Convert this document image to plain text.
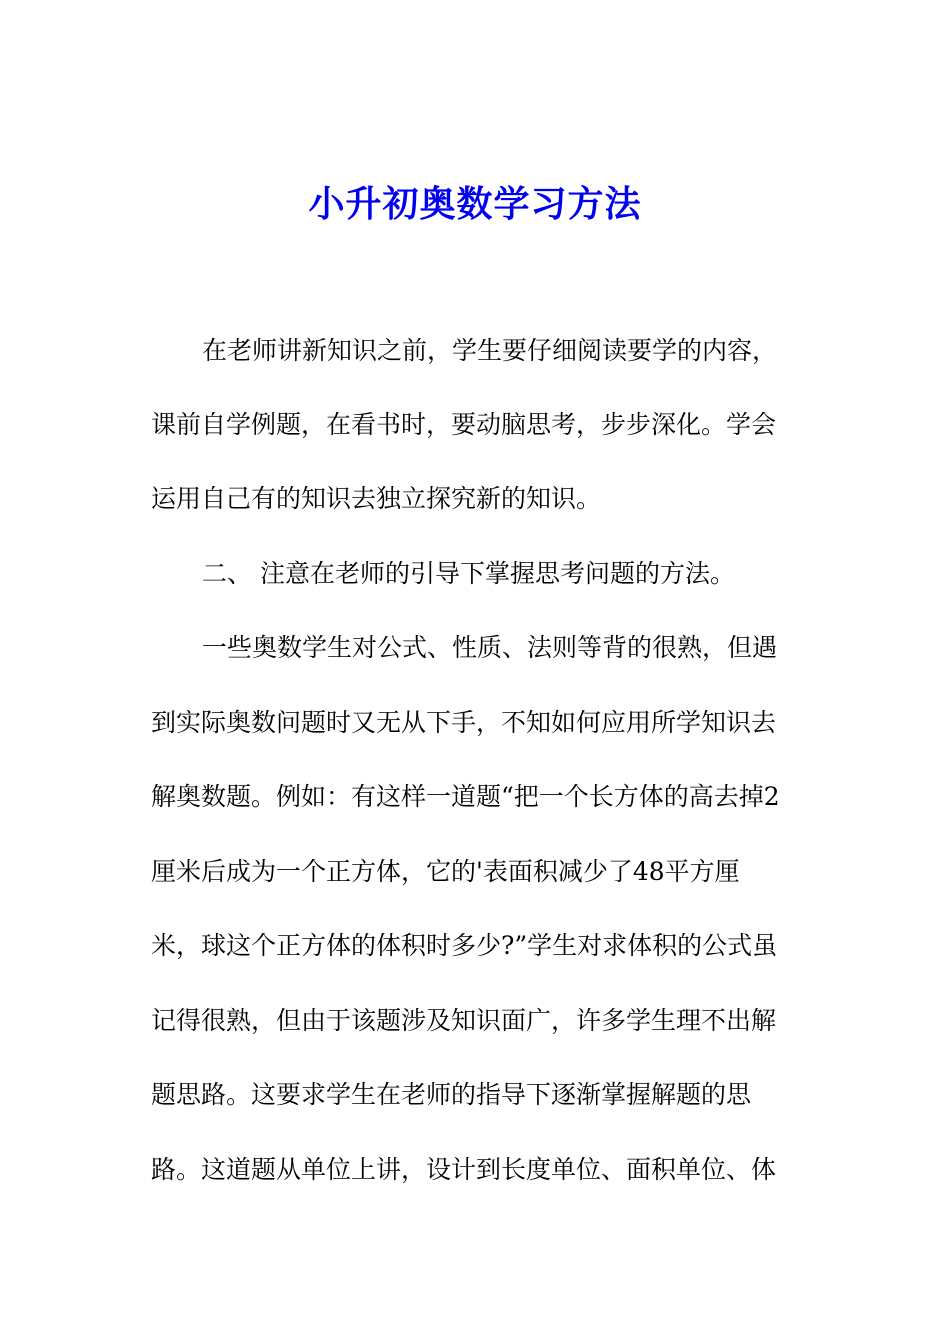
小升初奥数学习方法
在老师讲新知识之前，学生要仔细阅读要学的内容，
课前自学例题，在看书时，要动脑思考，步步深化。学会
运用自己有的知识去独立探究新的知识。
二、 注意在老师的引导下掌握思考问题的方法。
一些奥数学生对公式、性质、法则等背的很熟，但遇
到实际奥数问题时又无从下手，不知如何应用所学知识去
解奥数题。例如：有这样一道题“把一个长方体的高去掉2
厘米后成为一个正方体，它的'表面积减少了48平方厘
米，球这个正方体的体积时多少?”学生对求体积的公式虽
记得很熟，但由于该题涉及知识面广，许多学生理不出解
题思路。这要求学生在老师的指导下逐渐掌握解题的思
路。这道题从单位上讲，设计到长度单位、面积单位、体
